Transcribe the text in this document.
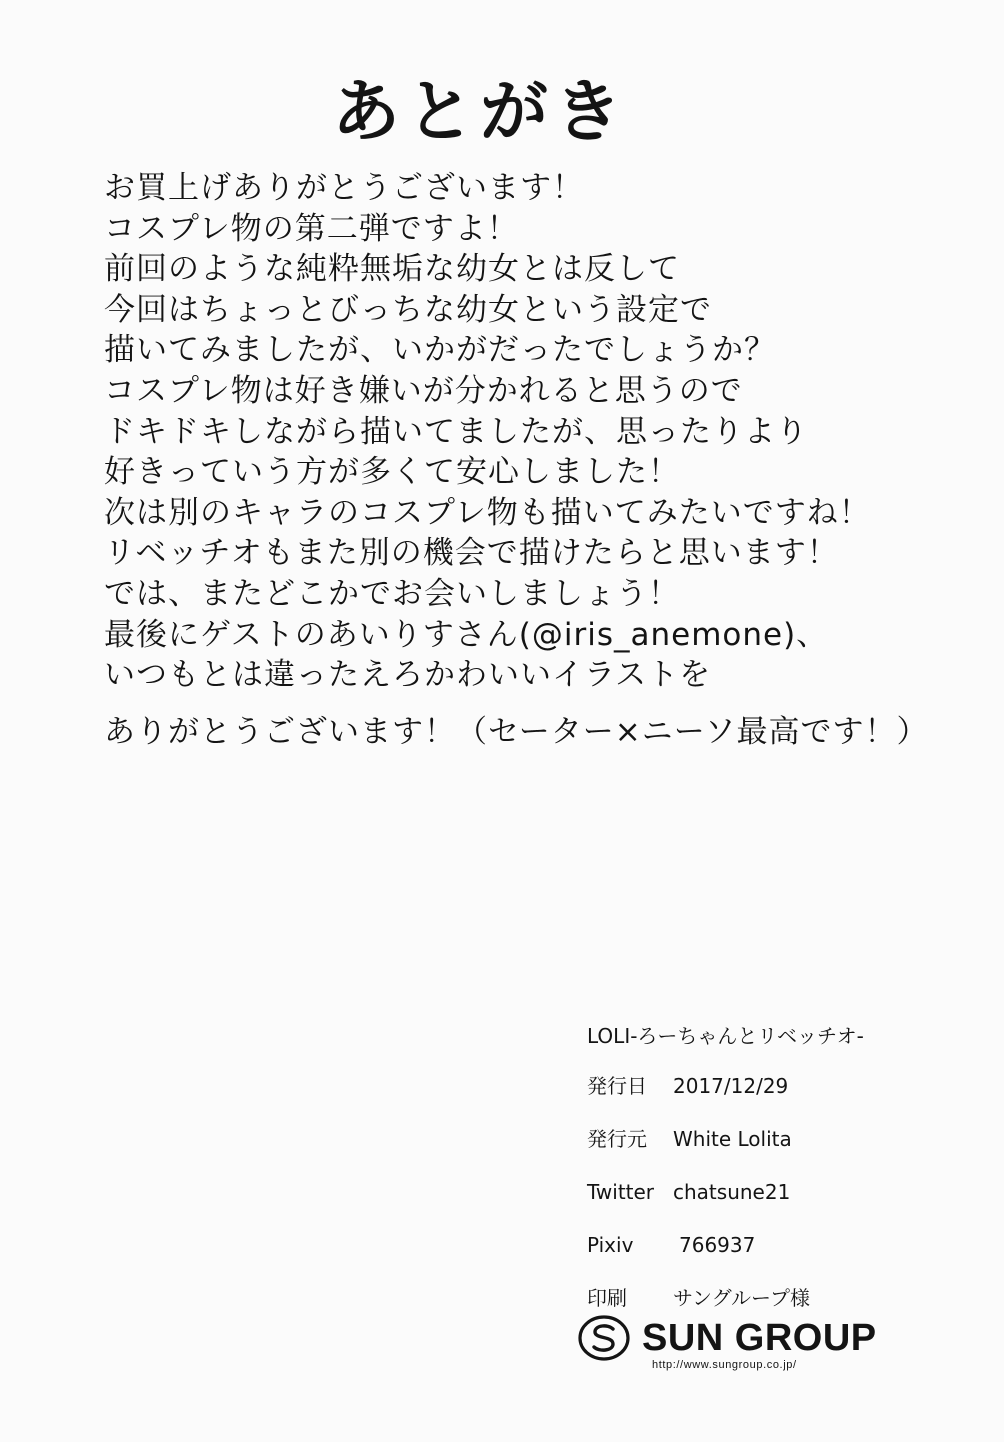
あとがき
お買上げありがとうございます！
コスプレ物の第二弾ですよ！
前回のような純粋無垢な幼女とは反して
今回はちょっとびっちな幼女という設定で
描いてみましたが、いかがだったでしょうか？
コスプレ物は好き嫌いが分かれると思うので
ドキドキしながら描いてましたが、思ったりより
好きっていう方が多くて安心しました！
次は別のキャラのコスプレ物も描いてみたいですね！
リベッチオもまた別の機会で描けたらと思います！
では、またどこかでお会いしましょう！
最後にゲストのあいりすさん(@iris_anemone)、
いつもとは違ったえろかわいいイラストを
ありがとうございます！（セーター×ニーソ最高です！）
LOLI-ろーちゃんとリベッチオ-
発行日	2017/12/29
発行元	White Lolita
Twitter chatsune21
Pixiv	766937
印刷	サングループ様
SUN GROUP
http://www.sungroup.co.jp/
